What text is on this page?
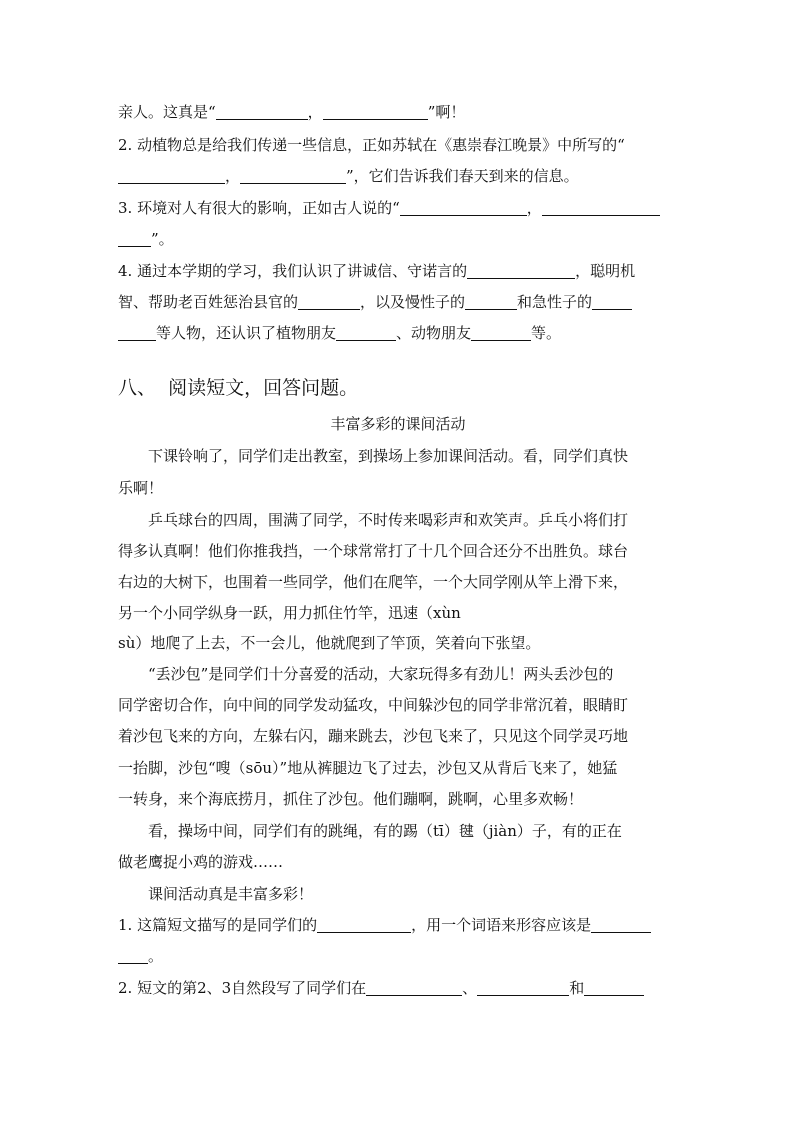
亲人。这真是“	，	”啊！
2. 动植物总是给我们传递一些信息，正如苏轼在《惠崇春江晚景》中所写的“
，	”，它们告诉我们春天到来的信息。
3. 环境对人有很大的影响，正如古人说的“	，
”。
4. 通过本学期的学习，我们认识了讲诚信、守诺言的	，聪明机
智、帮助老百姓惩治县官的	，以及慢性子的	和急性子的
等人物，还认识了植物朋友	、动物朋友	等。
八、  阅读短文，回答问题。
丰富多彩的课间活动
下课铃响了，同学们走出教室，到操场上参加课间活动。看，同学们真快
乐啊！
乒乓球台的四周，围满了同学，不时传来喝彩声和欢笑声。乒乓小将们打
得多认真啊！他们你推我挡，一个球常常打了十几个回合还分不出胜负。球台
右边的大树下，也围着一些同学，他们在爬竿，一个大同学刚从竿上滑下来，
另一个小同学纵身一跃，用力抓住竹竿，迅速（xùn
sù）地爬了上去，不一会儿，他就爬到了竿顶，笑着向下张望。
“丢沙包”是同学们十分喜爱的活动，大家玩得多有劲儿！两头丢沙包的
同学密切合作，向中间的同学发动猛攻，中间躲沙包的同学非常沉着，眼睛盯
着沙包飞来的方向，左躲右闪，蹦来跳去，沙包飞来了，只见这个同学灵巧地
一抬脚，沙包“嗖（sōu）”地从裤腿边飞了过去，沙包又从背后飞来了，她猛
一转身，来个海底捞月，抓住了沙包。他们蹦啊，跳啊，心里多欢畅！
看，操场中间，同学们有的跳绳，有的踢（tī）毽（jiàn）子，有的正在
做老鹰捉小鸡的游戏……
课间活动真是丰富多彩！
1. 这篇短文描写的是同学们的	，用一个词语来形容应该是
。
2. 短文的第2、3自然段写了同学们在	、	和
